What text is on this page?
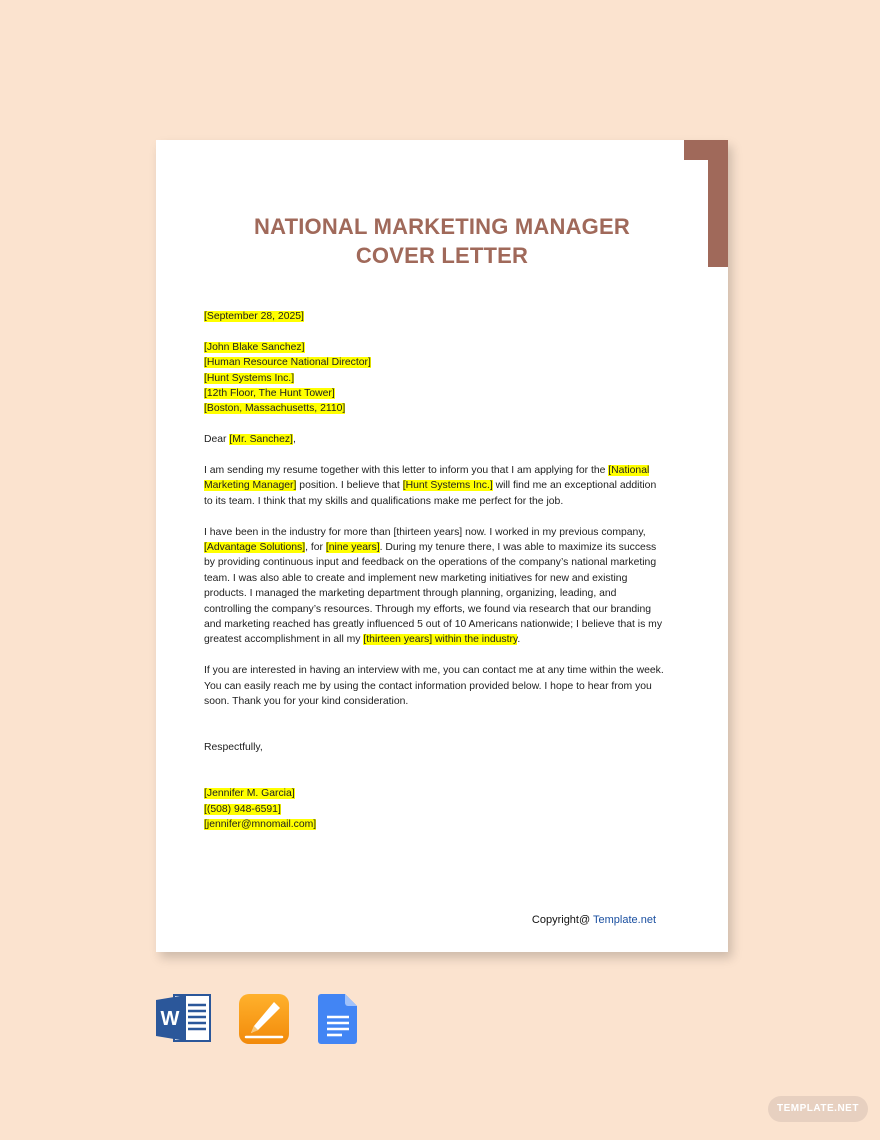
NATIONAL MARKETING MANAGER
COVER LETTER

[September 28, 2025]

[John Blake Sanchez]
[Human Resource National Director]
[Hunt Systems Inc.]
[12th Floor, The Hunt Tower]
[Boston, Massachusetts, 2110]

Dear [Mr. Sanchez],

I am sending my resume together with this letter to inform you that I am applying for the [National Marketing Manager] position. I believe that [Hunt Systems Inc.] will find me an exceptional addition to its team. I think that my skills and qualifications make me perfect for the job.

I have been in the industry for more than [thirteen years] now. I worked in my previous company, [Advantage Solutions], for [nine years]. During my tenure there, I was able to maximize its success by providing continuous input and feedback on the operations of the company’s national marketing team. I was also able to create and implement new marketing initiatives for new and existing products. I managed the marketing department through planning, organizing, leading, and controlling the company’s resources. Through my efforts, we found via research that our branding and marketing reached has greatly influenced 5 out of 10 Americans nationwide; I believe that is my greatest accomplishment in all my [thirteen years] within the industry.

If you are interested in having an interview with me, you can contact me at any time within the week. You can easily reach me by using the contact information provided below. I hope to hear from you soon. Thank you for your kind consideration.

Respectfully,

[Jennifer M. Garcia]
[(508) 948-6591]
[jennifer@mnomail.com]

Copyright@ Template.net
W
TEMPLATE.NET
